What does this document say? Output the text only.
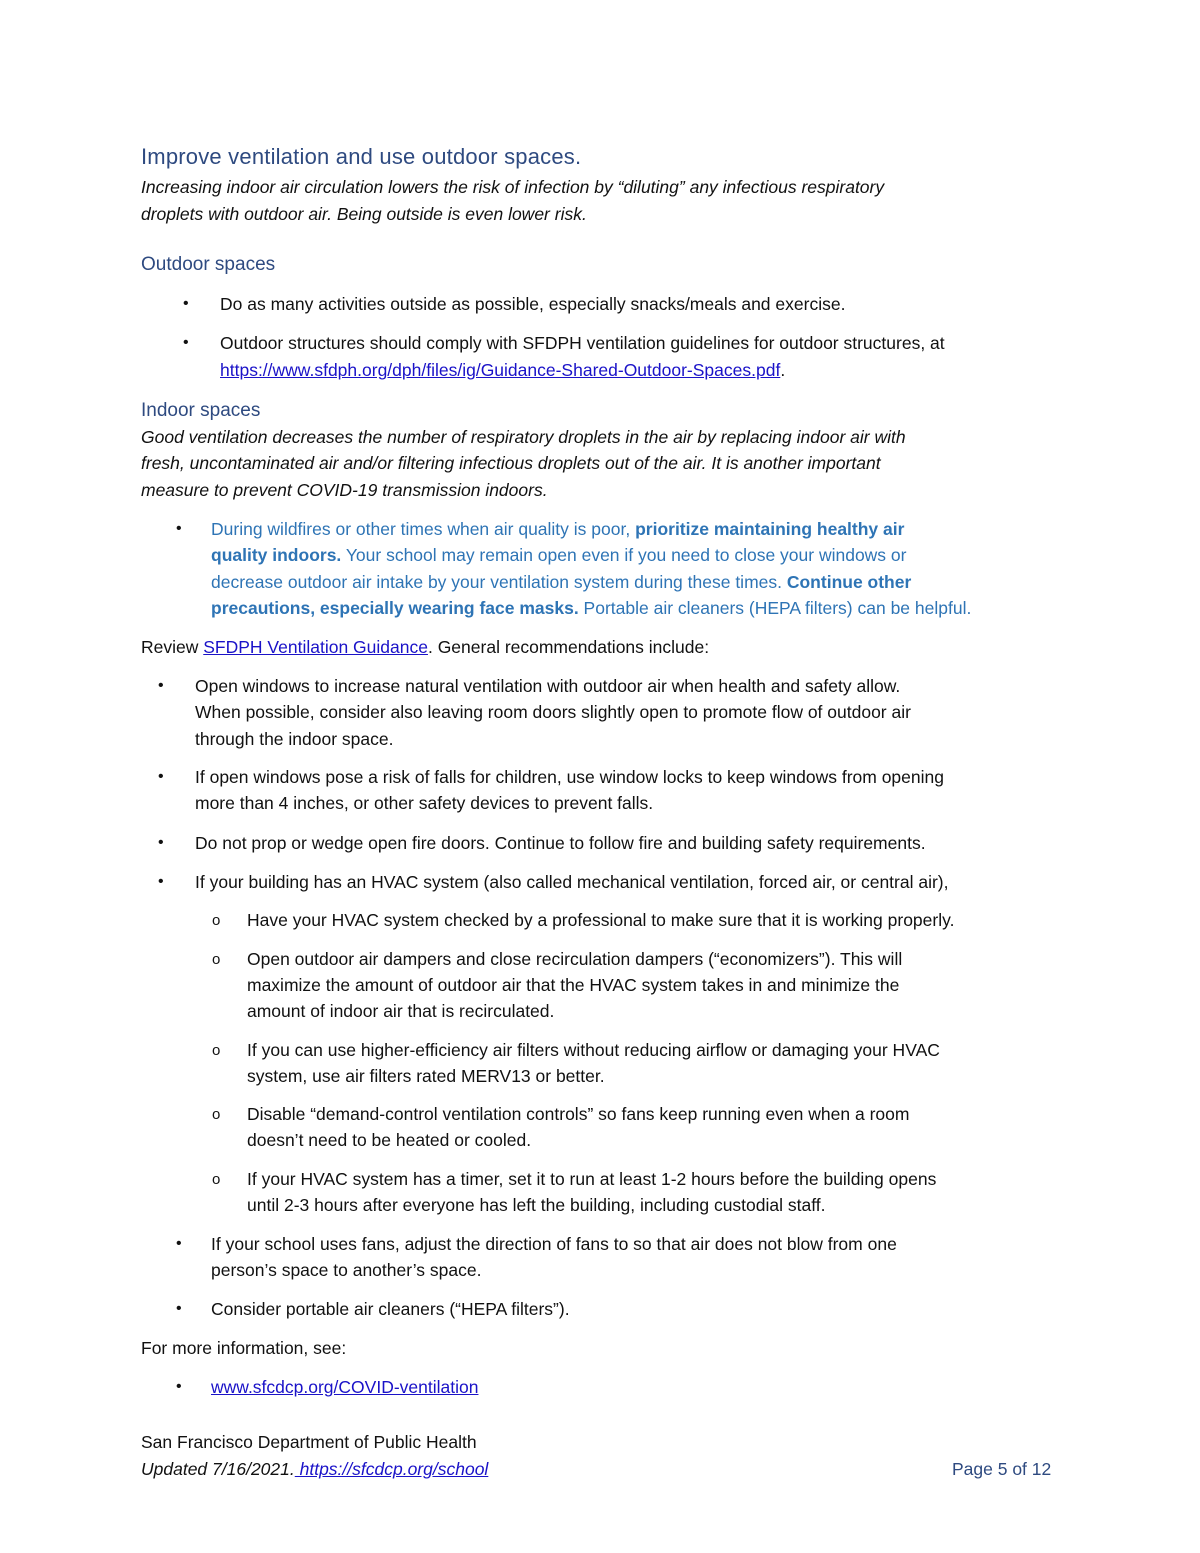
Improve ventilation and use outdoor spaces.
Increasing indoor air circulation lowers the risk of infection by “diluting” any infectious respiratory
droplets with outdoor air. Being outside is even lower risk.
Outdoor spaces
• Do as many activities outside as possible, especially snacks/meals and exercise.
• Outdoor structures should comply with SFDPH ventilation guidelines for outdoor structures, at
https://www.sfdph.org/dph/files/ig/Guidance-Shared-Outdoor-Spaces.pdf.
Indoor spaces
Good ventilation decreases the number of respiratory droplets in the air by replacing indoor air with
fresh, uncontaminated air and/or filtering infectious droplets out of the air. It is another important
measure to prevent COVID-19 transmission indoors.
• During wildfires or other times when air quality is poor, prioritize maintaining healthy air
quality indoors. Your school may remain open even if you need to close your windows or
decrease outdoor air intake by your ventilation system during these times. Continue other
precautions, especially wearing face masks. Portable air cleaners (HEPA filters) can be helpful.
Review SFDPH Ventilation Guidance. General recommendations include:
• Open windows to increase natural ventilation with outdoor air when health and safety allow.
When possible, consider also leaving room doors slightly open to promote flow of outdoor air
through the indoor space.
• If open windows pose a risk of falls for children, use window locks to keep windows from opening
more than 4 inches, or other safety devices to prevent falls.
• Do not prop or wedge open fire doors. Continue to follow fire and building safety requirements.
• If your building has an HVAC system (also called mechanical ventilation, forced air, or central air),
o Have your HVAC system checked by a professional to make sure that it is working properly.
o Open outdoor air dampers and close recirculation dampers (“economizers”). This will
maximize the amount of outdoor air that the HVAC system takes in and minimize the
amount of indoor air that is recirculated.
o If you can use higher-efficiency air filters without reducing airflow or damaging your HVAC
system, use air filters rated MERV13 or better.
o Disable “demand-control ventilation controls” so fans keep running even when a room
doesn’t need to be heated or cooled.
o If your HVAC system has a timer, set it to run at least 1-2 hours before the building opens
until 2-3 hours after everyone has left the building, including custodial staff.
• If your school uses fans, adjust the direction of fans to so that air does not blow from one
person’s space to another’s space.
• Consider portable air cleaners (“HEPA filters”).
For more information, see:
• www.sfcdcp.org/COVID-ventilation
San Francisco Department of Public Health
Updated 7/16/2021. https://sfcdcp.org/school	Page 5 of 12
